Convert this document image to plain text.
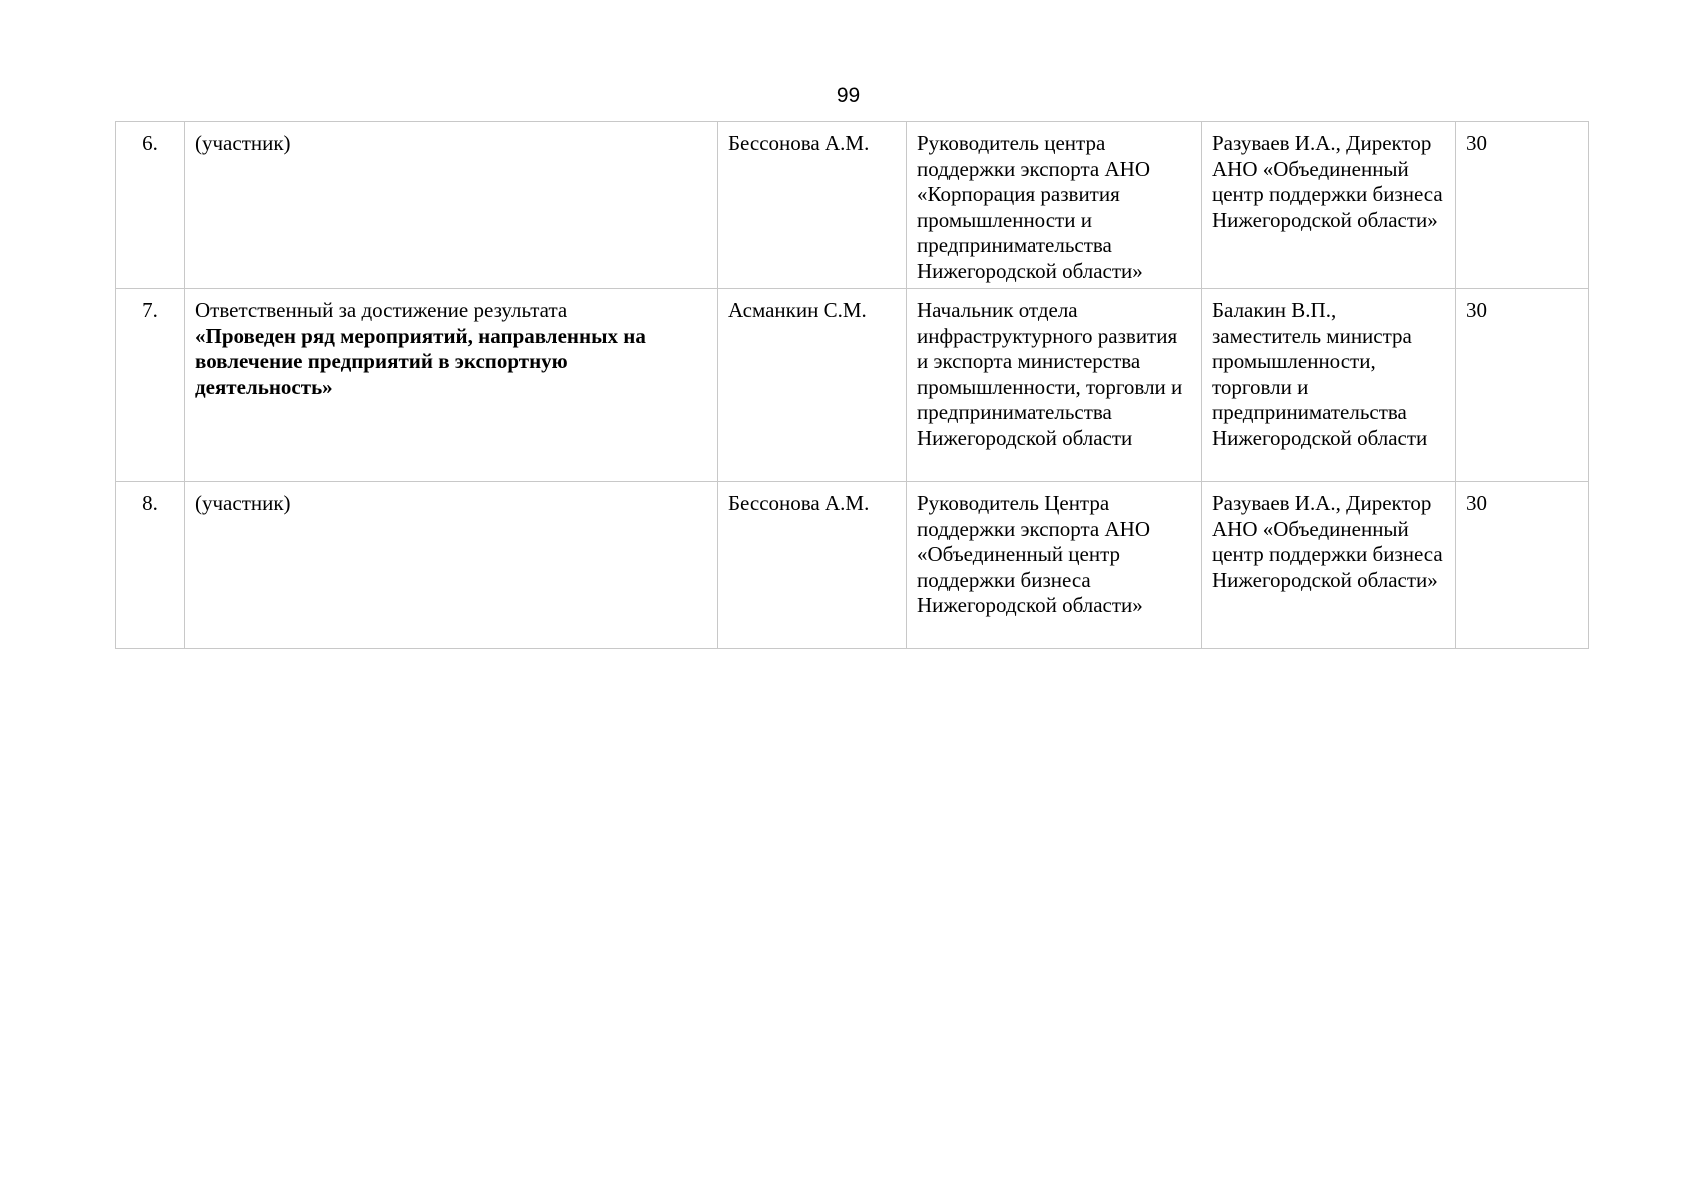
99
6.	(участник)	Бессонова А.М.	Руководитель центра поддержки экспорта АНО «Корпорация развития промышленности и предпринимательства Нижегородской области»	Разуваев И.А., Директор АНО «Объединенный центр поддержки бизнеса Нижегородской области»	30
7.	Ответственный за достижение результата
«Проведен ряд мероприятий, направленных на вовлечение предприятий в экспортную деятельность»	Асманкин С.М.	Начальник отдела инфраструктурного развития и экспорта министерства промышленности, торговли и предпринимательства Нижегородской области	Балакин В.П., заместитель министра промышленности, торговли и предпринимательства Нижегородской области	30
8.	(участник)	Бессонова А.М.	Руководитель Центра поддержки экспорта АНО «Объединенный центр поддержки бизнеса Нижегородской области»	Разуваев И.А., Директор АНО «Объединенный центр поддержки бизнеса Нижегородской области»	30
